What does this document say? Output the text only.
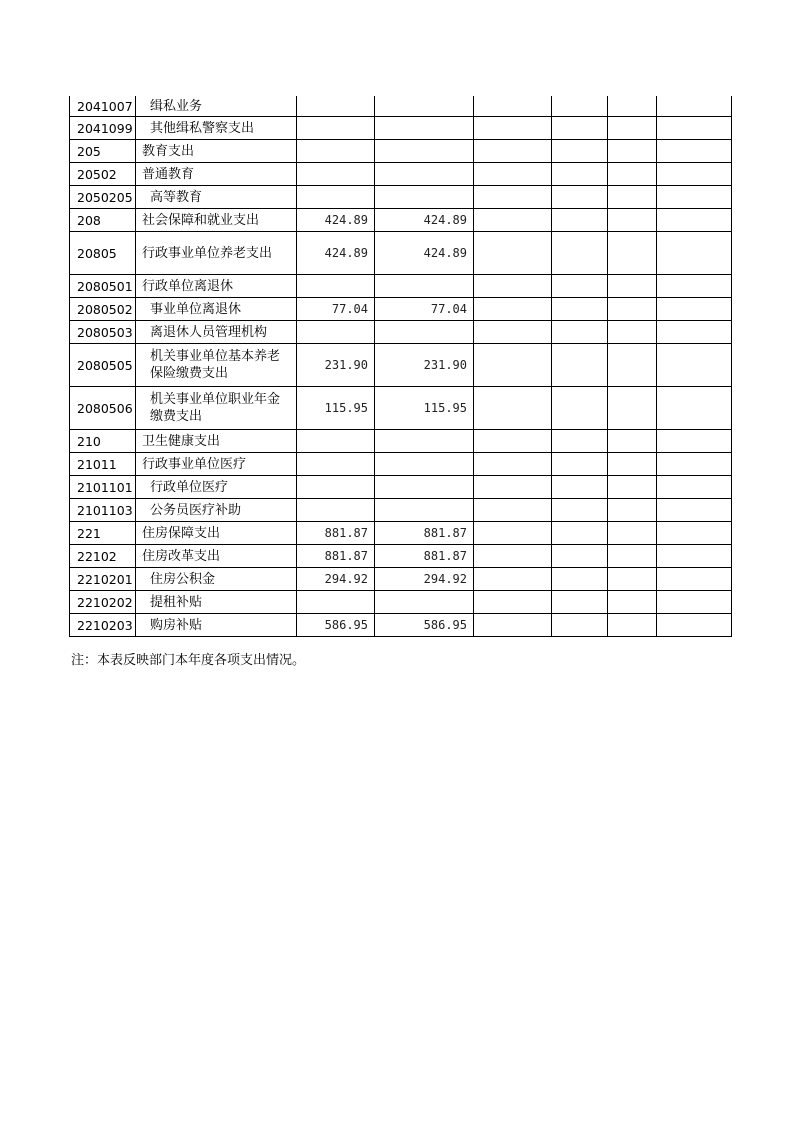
2041007	缉私业务						
2041099	其他缉私警察支出						
205	教育支出						
20502	普通教育						
2050205	高等教育						
208	社会保障和就业支出	424.89	424.89				
20805	行政事业单位养老支出	424.89	424.89				
2080501	行政单位离退休						
2080502	事业单位离退休	77.04	77.04				
2080503	离退休人员管理机构						
2080505	机关事业单位基本养老保险缴费支出	231.90	231.90				
2080506	机关事业单位职业年金缴费支出	115.95	115.95				
210	卫生健康支出						
21011	行政事业单位医疗						
2101101	行政单位医疗						
2101103	公务员医疗补助						
221	住房保障支出	881.87	881.87				
22102	住房改革支出	881.87	881.87				
2210201	住房公积金	294.92	294.92				
2210202	提租补贴						
2210203	购房补贴	586.95	586.95				
注：本表反映部门本年度各项支出情况。
